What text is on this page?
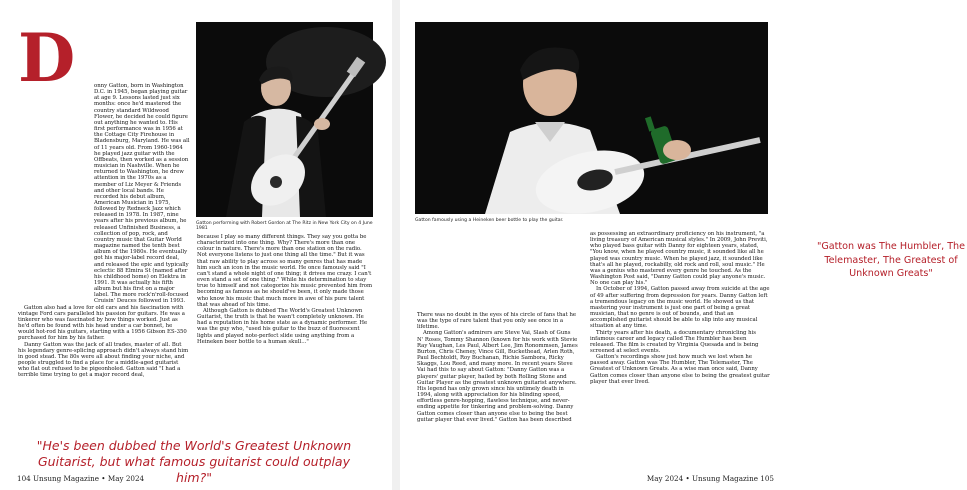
D	onny Gatton, born in Washington D.C. in 1945, began playing guitar at age 9. Lessons lasted just six months: once he'd mastered the country standard Wildwood Flower, he decided he could figure out anything he wanted to. His first performance was in 1956 at the Cottage City Firehouse in Bladensburg, Maryland. He was all of 11 years old. From 1960-1964 he played jazz guitar with the Offbeats, then worked as a session musician in Nashville. When he returned to Washington, he drew attention in the 1970s as a member of Liz Meyer & Friends and other local bands. He recorded his debut album, American Musician in 1975, followed by Redneck Jazz which released in 1978. In 1987, nine years after his previous album, he released Unfinished Business, a collection of pop, rock, and country music that Guitar World magazine named the tenth best album of the 1980s. He eventually got his major-label record deal, and released the epic and typically eclectic 88 Elmira St (named after his childhood home) on Elektra in 1991. It was actually his fifth album but his first on a major label. The more rock'n'roll-focused Cruisin' Deuces followed in 1993.

Gatton also had a love for old cars and his fascination with vintage Ford cars paralleled his passion for guitars. He was a tinkerer who was fascinated by how things worked. Just as he'd often be found with his head under a car bonnet, he would hot-rod his guitars, starting with a 1956 Gibson ES-350 purchased for him by his father.

Danny Gatton was the jack of all trades, master of all. But his legendary genre-splicing approach didn't always stand him in good stead. The 80s were all about finding your niche, and people struggled to find a place for a middle-aged guitarist who flat out refused to be pigeonholed. Gatton said "I had a terrible time trying to get a major record deal,

Gatton performing with Robert Gordon at The Ritz in New York City on 4 June 1981

because I play so many different things. They say you gotta be characterized into one thing. Why? There's more than one colour in nature. There's more than one station on the radio. Not everyone listens to just one thing all the time." But it was that raw ability to play across so many genres that has made him such an icon in the music world. He once famously said "I can't stand a whole night of one thing; it drives me crazy. I can't even stand a set of one thing." While his determination to stay true to himself and not categorize his music prevented him from becoming as famous as he should've been, it only made those who know his music that much more in awe of his pure talent that was ahead of his time.

Although Gatton is dubbed The World's Greatest Unknown Guitarist, the truth is that he wasn't completely unknown. He had a reputation in his home state as a dynamic performer. He was the guy who, "used his guitar to the buzz of fluorescent lights and played note-perfect slide using anything from a Heineken beer bottle to a human skull..."

"He's been dubbed the World's Greatest Unknown Guitarist, but what famous guitarist could outplay him?"
104 Unsung Magazine • May 2024
Gatton famously using a Heineken beer bottle to play the guitar.
"Gatton was The Humbler, The Telemaster, The Greatest of Unknown Greats"

There was no doubt in the eyes of his circle of fans that he was the type of rare talent that you only see once in a lifetime.

Among Gatton's admirers are Steve Vai, Slash of Guns N' Roses, Tommy Shannon (known for his work with Stevie Ray Vaughan, Les Paul, Albert Lee, Jim Ronommsen, James Burton, Chris Cheney, Vince Gill, Buckethead, Arlen Roth, Paul Bechtoldt, Roy Buchanan, Richie Sambora, Ricky Skaggs, Lou Reed, and many more. In recent years Steve Vai had this to say about Gatton: "Danny Gatton was a players' guitar player, hailed by both Rolling Stone and Guitar Player as the greatest unknown guitarist anywhere. His legend has only grown since his untimely death in 1994, along with appreciation for his blinding speed, effortless genre-hopping, flawless technique, and never-ending appetite for tinkering and problem-solving. Danny Gatton comes closer than anyone else to being the best guitar player that ever lived." Gatton has been described

as possessing an extraordinary proficiency on his instrument, "a living treasury of American musical styles." In 2009, John Previti, who played bass guitar with Danny for eighteen years, stated, "You know, when he played country music, it sounded like all he played was country music. When he played jazz, it sounded like that's all he played, rockabilly, old rock and roll, soul music." He was a genius who mastered every genre he touched. As the Washington Post said, "Danny Gatton could play anyone's music. No one can play his."

In October of 1994, Gatton passed away from suicide at the age of 49 after suffering from depression for years. Danny Gatton left a tremendous legacy on the music world. He showed us that mastering your instrument is just one part of being a great musician, that no genre is out of bounds, and that an accomplished guitarist should be able to slip into any musical situation at any time.

Thirty years after his death, a documentary chronicling his infamous career and legacy called The Humbler has been released. The film is created by Virginia Quesada and is being screened at select events.

Gatton's recordings show just how much we lost when he passed away. Gatton was The Humbler, The Telemaster, The Greatest of Unknown Greats. As a wise man once said, Danny Gatton comes closer than anyone else to being the greatest guitar player that ever lived.

May 2024 • Unsung Magazine 105
